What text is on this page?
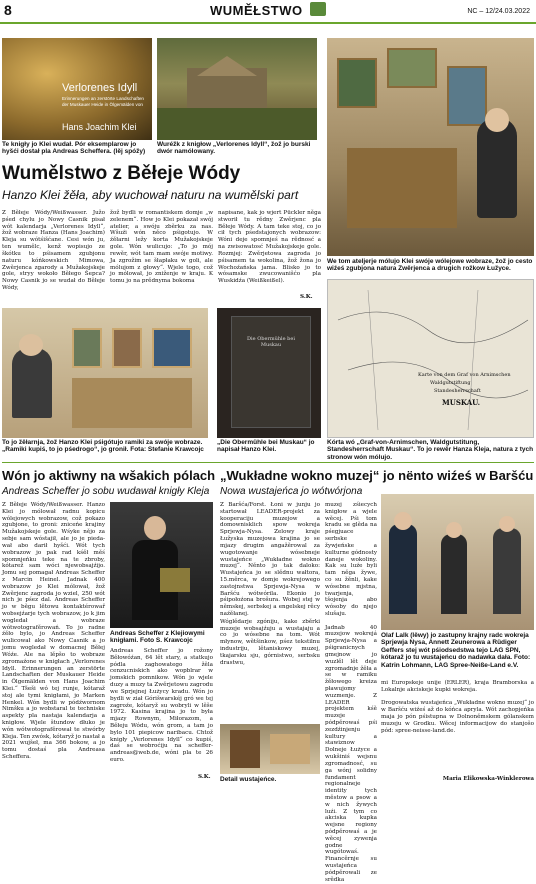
8	WUMĚŁSTWO	NC – 12/24.03.2022
Verlorenes Idyll
Erinnerungen an zerstörte Landschaften der Muskauer Heide in Ölgemälden von
Hans Joachim Klei
Te knigły jo Klei wudał. Pór eksemplarow jo hyšći dostał pla Andreas Scheffera. (lěj spóžy)
Wuréžk z knigłow „Verlorenes Idyll“, žož jo burski dwór namólowany.
We tom ateljerje mólujo Klei swóje wólejowe wobraze, žož jo cesto wiźeś zgubjona natura Zwěrjenca a drugich rožkow Łužyce.
Wumělstwo z Běłeje Wódy
Hanzo Klei žěła, aby wuchował naturu na wumělski part

Z Běłeje Wódy/Weißwasser. Južo pśed chylu jo Nowy Casnik pisał wót kalendarja „Verlorenes Idyll“, žož wobraze Hanza (Hans Joachim) Kleja su wótśišćane. Cesi wón ju, ten wumělc, kenž wopisujo ze škótku to pśisamem zgubjonu naturu kóńkowskich Mimowa, Zwěrjenca zgarody a Mužakojskeje gole, stryy wokoło Běłego Šepca? Nowy Casnik jo se wudał do Běłeje Wódy,

žož bydli w romantiskem domje „w zelenem“. How jo Klei pokazał swój atelier, a swóju zběrku za nas. Wšuźi wón něco pśigotujo. W źěłarni ležy korta Mužakojskeje gole. Wón wulicujo: „To jo mój rewěr, wót tam mam swóje motiwy. Ja zgrožim se šłapłaku w goli, ale mólujom z głowy“. Wjele togo, což jo mólował, jo zniženje w kraju. K tomu jo na prědnyma bokoma

napisane, kak jo wjert Pückler něga stworił tu rědny Zwěrjenc pla Běłeje Wódy. A tam teke stoj, co jo cił tych pśedstajonych wobrazow: Wóni deje spomnjeś na rědnosć a na zwisowatosć Mužakojskeje gole. Rozmjej: Zwěrjetowa zagroda jo pśisamem ta wokolina, žož žona jo Wochoźańska jama. Blisko jo to wósamske zwucowanišćo pla Wuskidźa (Weißkeißel).

S.K.
To jo žěłarnja, žož Hanzo Klei pśigótujo ramiki za swóje wobraze. „Ramiki kupiś, to jo pśedrogo“, jo gronił. Fota: Stefanie Krawcojc
Die Obermühle bei Muskau
„Die Obermühle bei Muskau“ jo napisał Hanzo Klei.
Karte von dem Graf von Arnimschen
Waldgutstiftung
Standesherrschaft
MUSKAU.
Kórta wó „Graf-von-Arnimschen, Waldgutstitung, Standesherrschaft Muskau“. To jo rewěr Hanza Kleja, natura z tych stronow wón mólujo.
Wón jo aktiwny na wšakich pólach
Andreas Scheffer jo sobu wudawał knigły Kleja

Z Běłeje Wódy/Weißwasser. Hanzo Klei jo mólował radnu kopicu wólejowych wobrazow, což pokazo zgubjone, to groni: zniceńe krajiny Mužakojskeje gole. Wśyke nějo za sebje sam wóstajił, ale jo je piedawał abo darił hyšći. Wót tych wobrazow jo pak rad kśěł měś spomnjeńku teke na te zbroby, kótarež sam wóci njewobsajźijo. Jomu sej pomagał Andreas Scheffer z Marcin Heinel. Jadnak 400 wobrazow jo Klei mólował, žož Zwěrjenc zagroda jo wziel, 250 wót nich je pśez dal. Andreas Scheffer jo w běgu lětowu kontaktérowař wobsejźarje tych wobrazow, jo k jim wogledał a wobraze wótwotografěrowań. To jo radne źěło bylo, jo Andreas Scheffer wulicował ako Nowy Casnik a jo jomu wogledał w domacnej Běłej Wóźe. Ale na lěpšo to wobraze zgromaźone w knigłach „Verlorenes Idyll. Erinnerungen an zerstörte Landschaften der Muskauer Heide in Ölgemälden von Hans Joachim Klei.“ Tšeši wó tej runje, kótaraž stoj ale tymi knigłami, jo Marken Henkel. Wón bydli w pódźwornom Nimšku a jo wobstaral te techniske aspekty pla nastaja kalendarja a knigłow. Wjele štundow dłuko je wón wótwotografěrował te stwórby Kleja. Ten zwósk, kótaryž jo nastał a 2021 wujšeł, ma 366 bokow, a jo tomu dostaś pla Andreasa Scheffera.

Andreas Scheffer z Klejiowymi knigłami. Foto S. Krawcojc

Andreas Scheffer jo rožony Běłowóźan, 64 lět stary, a statkujo pódla zaghowatego žěla cenzucniskich ako wopblrar w jomskich pomnikow. Wón jo wjele duzy a muzy ta Zwěrjetowu zagrodu we Sprjejnej Łużycy kradu. Wón jo bydli w ział Górišwarskéj gró we tej zagroźe, kótaryž su wobryli w lěše 1972. Kasina krajina jo to była mjazy Rownym, Miłorazom, a Běłeju Wódu, wón grom, a tam jo bylo 101 piepicow naribacu. Chtož knigły „Verlorenes Idyll“ co kupiś, daś se wobroćiju na scheffer-andreas@web.de, wóni pla te 26 euro.

S.K.
„Wukładne wokno muzej“ jo nёnto wiźeś w Baršću
Nowa wustajeńca jo wótwórjona

Z Baršća/Forst. Łoni w junju jo startował LEADER-projekt za kooperaciju muzejow a domownisklich spow wokreja Sprjewja-Nysa. Zelowy kraje Łužyska muzejowa krajina jo se mjazy drugim angažěrowal za wugotowanje wósebneje wustajeńce „Wukładne wokno muzej“. Něnto jo tak daloko: Wustajeńca jo se slědnu wałtora, 15.měrca, w domje wokrejowego zastojnstwa Sprjewja-Nysa w Baršću wótwórila. Ekonio jo pśipołoźona brošura. Wobej stej w němskej, serbskej a engelskej rěcy naźěłanej.

Wóglědarje zgóniju, kake zběrki muzeje wobsajźuju a wustajaju a co jo wósebne na tom. Wót młynow, wětšinkow, pśez tekstilnu industriju, lětaniskowy muzej, tkajarsku sju, górnistwo, serbsku drastwu,

Detail wustajeńce.

muzej zśiecych knigłow a wjele wěcej. Pśi tom kradu se glěda na pśegjuace serbske žywjeńske a kulturne gódnosty daneje wokoliny. Kak su luźe byli tam něga žywe, co su žěnli, kake wósebne mjstna, twarjenja, tšojenja abo wósoby do njejo slušaju.

Jadnab 40 muzejow wokrejá Sprjewja-Nysa a pśigranicnych gmejnow jo wuzlěl lět deje zgromadnje žěła a se w ramiku žěłowego kreiza pławujomy wuzmenje. Z LEADER projektem kśě muzeje pódpěrowaś pśi zezdźinjenju kultury a stawiznow Dolneje Łużyce a wukšiniś wejsnu zgromadnosć, su ga wónj solidny fundament regionalneje identity tych městow a psow a w nich žywych luźi. Z tym co akciska kupka wejsne regiony pódpěrowaś a je wěcej zywenja godne wugótowaś. Financěrnje su wustajeńca pódpěrowali ze srědka

Olaf Lalk (lěwy) jo zastupny krajny radc wokreja Sprjewja Nysa, Annett Zeunerowa a Rüdiger Geffers stej wót pśiodsedstwa tejo LAG SPN, kótaraž jo tu wustajeńcu do nadawka dała. Foto: Katrin Lohmann, LAG Spree-Neiße-Land e.V.

mi Europskeje unije (ERLER), kraja Bramborska a Lokalnje akciskeje kupki wokreja.

Drogowatska wustajeńca „Wukładne wokno muzej“ jo w Baršću wiźeś až do kóńca apryla. Wót zachopjeńka maja jo pón pśistupna w Dolnoněmskem gólanskem muzeju w Grodku. Wěcej informacijow do stanjošo pód: spree-neisse-land.de.

Maria Elikowska-Winklerowa
